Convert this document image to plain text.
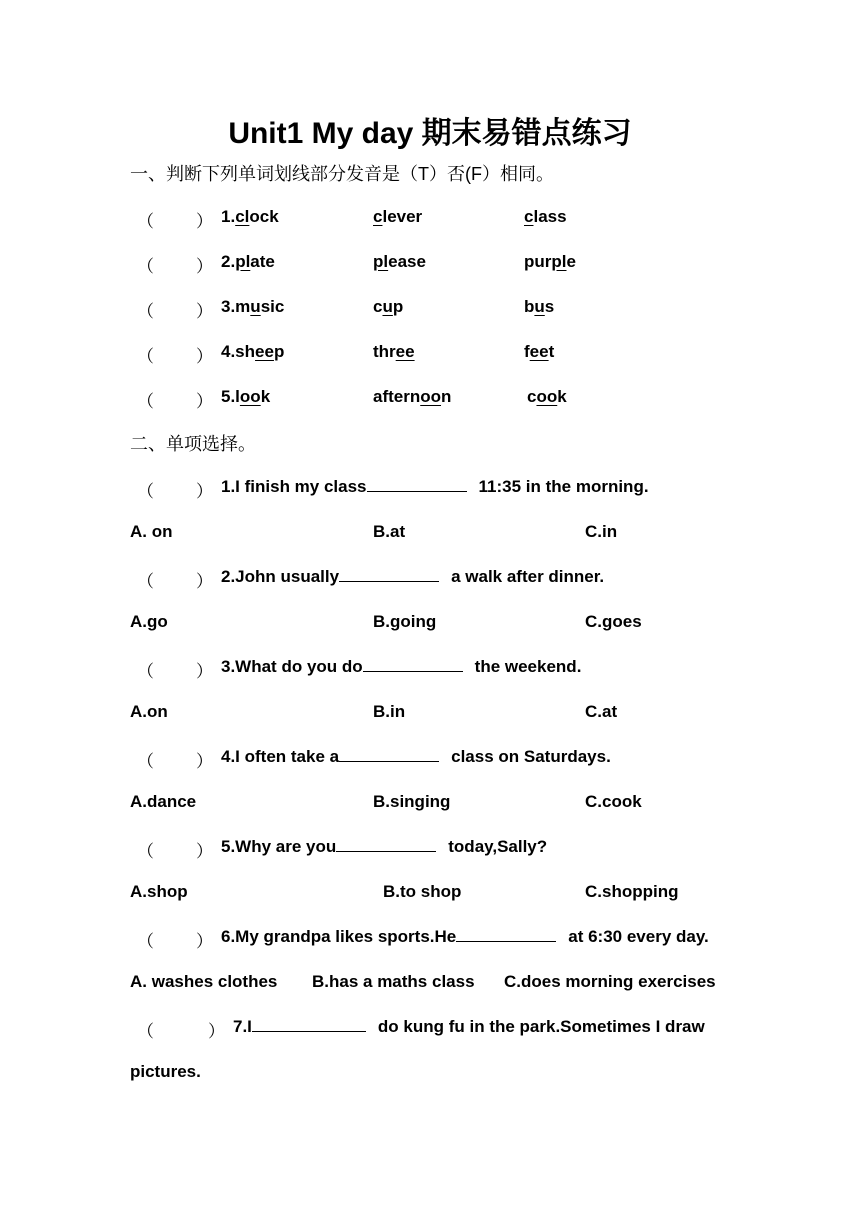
Unit1 My day 期末易错点练习
一、判断下列单词划线部分发音是（T）否(F）相同。
（ ） 1.clock	clever	class
（ ） 2.plate	please	purple
（ ） 3.music	cup	bus
（ ） 4.sheep	three	feet
（ ） 5.look	afternoon	cook
二、单项选择。
（ ） 1.I finish my class	11:35 in the morning.
A. on	B.at	C.in
（ ） 2.John usually	a walk after dinner.
A.go	B.going	C.goes
（ ） 3.What do you do	the weekend.
A.on	B.in	C.at
（ ） 4.I often take a	class on Saturdays.
A.dance	B.singing	C.cook
（ ） 5.Why are you	today,Sally?
A.shop	B.to shop	C.shopping
（ ） 6.My grandpa likes sports.He	at 6:30 every day.
A. washes clothes B.has a maths class C.does morning exercises
（	） 7.I	do kung fu in the park.Sometimes I draw
pictures.
